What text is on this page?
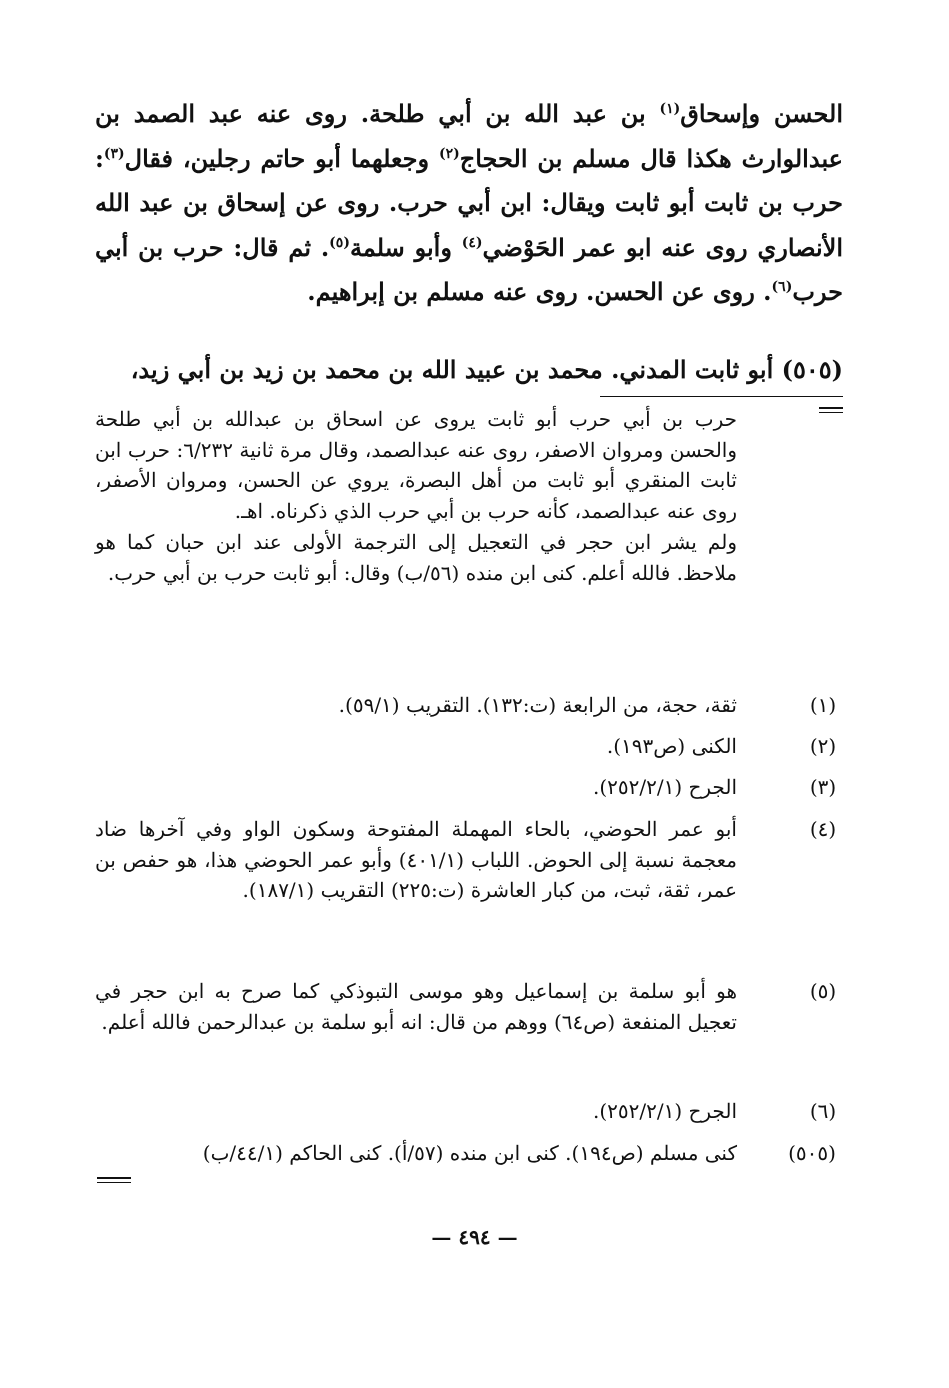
الحسن وإسحاق$^{(١)}$ بن عبد الله بن أبي طلحة. روى عنه عبد الصمد بن عبدالوارث هكذا قال مسلم بن الحجاج$^{(٢)}$ وجعلهما أبو حاتم رجلين، فقال$^{(٣)}$: حرب بن ثابت أبو ثابت ويقال: ابن أبي حرب. روى عن إسحاق بن عبد الله الأنصاري روى عنه ابو عمر الحَوْضي$^{(٤)}$ وأبو سلمة$^{(٥)}$. ثم قال: حرب بن أبي حرب$^{(٦)}$. روى عن الحسن. روى عنه مسلم بن إبراهيم.

(٥٠٥) أبو ثابت المدني. محمد بن عبيد الله بن محمد بن زيد بن أبي زيد،

حرب بن أبي حرب أبو ثابت يروى عن اسحاق بن عبدالله بن أبي طلحة والحسن ومروان الاصفر، روى عنه عبدالصمد، وقال مرة ثانية ٦/٢٣٢: حرب ابن ثابت المنقري أبو ثابت من أهل البصرة، يروي عن الحسن، ومروان الأصفر، روى عنه عبدالصمد، كأنه حرب بن أبي حرب الذي ذكرناه. اهـ.

ولم يشر ابن حجر في التعجيل إلى الترجمة الأولى عند ابن حبان كما هو ملاحظ. فالله أعلم. كنى ابن منده (٥٦/ب) وقال: أبو ثابت حرب بن أبي حرب.

(١)
ثقة، حجة، من الرابعة (ت:١٣٢). التقريب (٥٩/١).
(٢)
الكنى (ص١٩٣).
(٣)
الجرح (٢٥٢/٢/١).
(٤)
أبو عمر الحوضي، بالحاء المهملة المفتوحة وسكون الواو وفي آخرها ضاد معجمة نسبة إلى الحوض. اللباب (٤٠١/١) وأبو عمر الحوضي هذا، هو حفص بن عمر، ثقة، ثبت، من كبار العاشرة (ت:٢٢٥) التقريب (١٨٧/١).
(٥)
هو أبو سلمة بن إسماعيل وهو موسى التبوذكي كما صرح به ابن حجر في تعجيل المنفعة (ص٦٤) ووهم من قال: انه أبو سلمة بن عبدالرحمن فالله أعلم.
(٦)
الجرح (٢٥٢/٢/١).
(٥٠٥)
كنى مسلم (ص١٩٤). كنى ابن منده (٥٧/أ). كنى الحاكم (٤٤/١/ب)
— ٤٩٤ —
